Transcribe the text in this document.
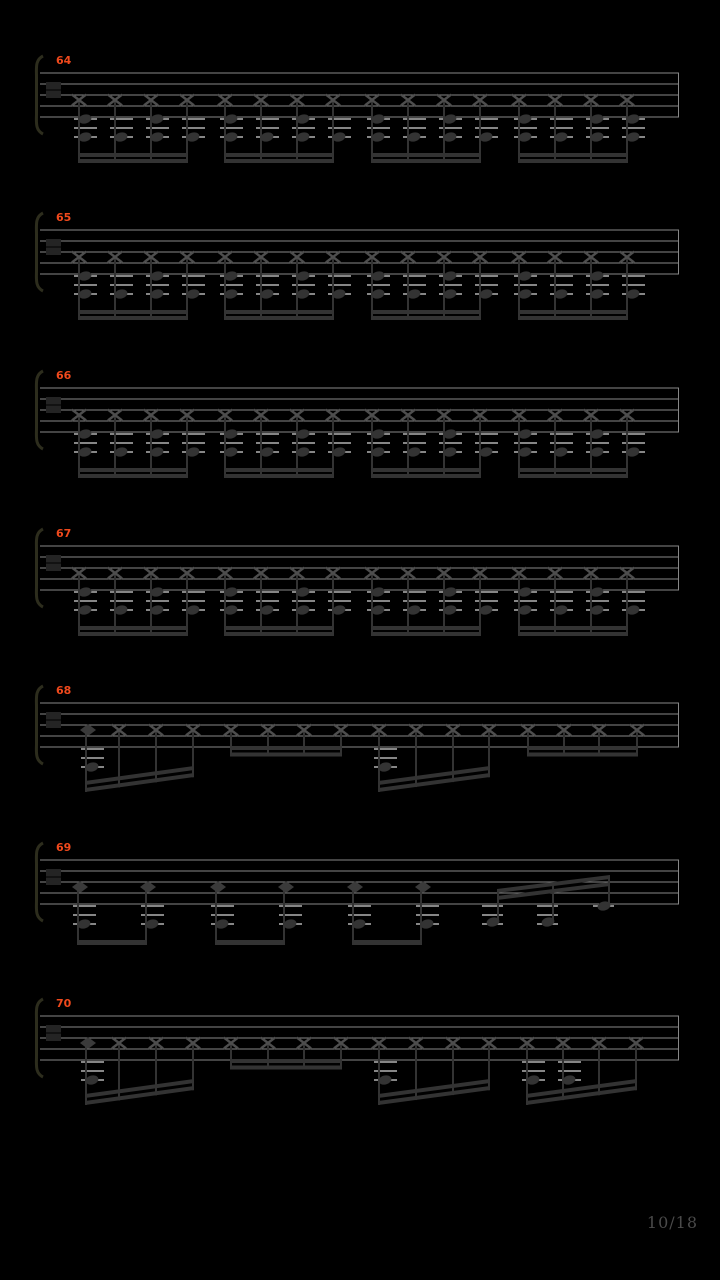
64
65
66
67
68
69
70
10/18
